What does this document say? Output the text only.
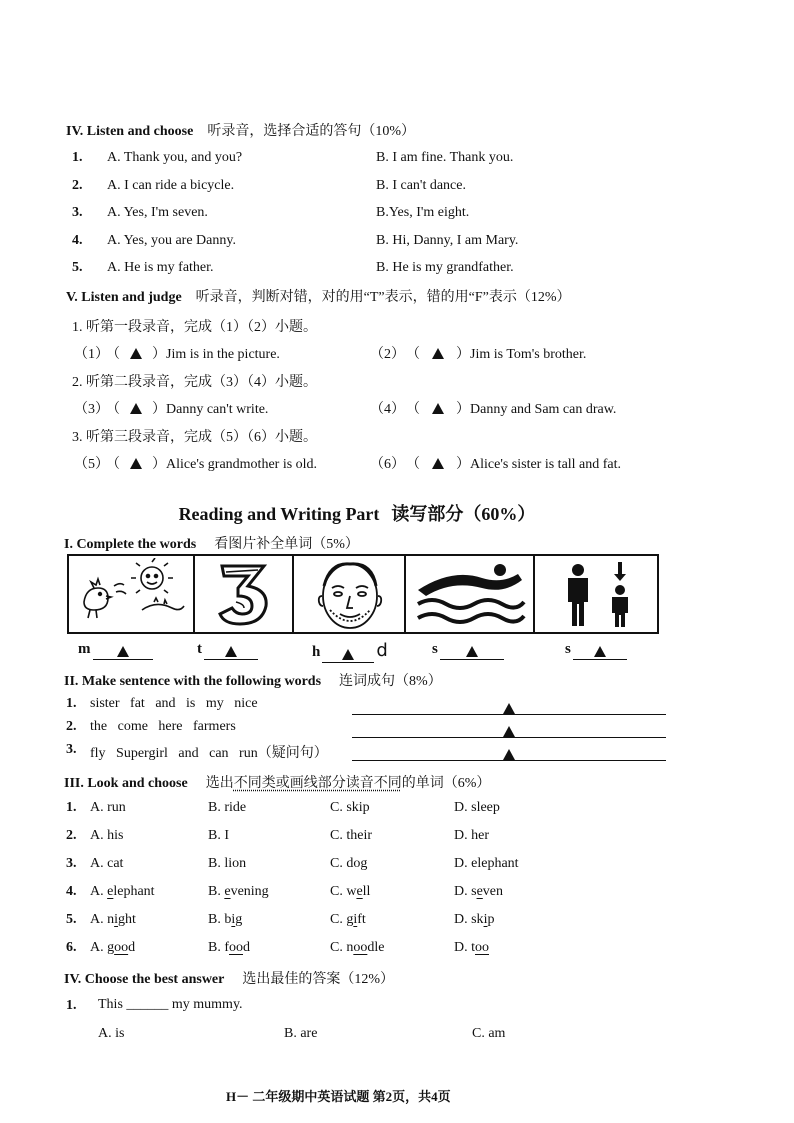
IV. Listen and choose 听录音，选择合适的答句（10%）
1. A. Thank you, and you?	B. I am fine. Thank you.
2. A. I can ride a bicycle.	B. I can't dance.
3. A. Yes, I'm seven.	B.Yes, I'm eight.
4. A. Yes, you are Danny.	B. Hi, Danny, I am Mary.
5. A. He is my father.	B. He is my grandfather.
V. Listen and judge 听录音，判断对错，对的用“T”表示，错的用“F”表示（12%）
1. 听第一段录音，完成（1）（2）小题。
（1） （ ）Jim is in the picture.	（2） （	）Jim is Tom's brother.
2. 听第二段录音，完成（3）（4）小题。
（3） （ ）Danny can't write.	（4） （	）Danny and Sam can draw.
3. 听第三段录音，完成（5）（6）小题。
（5） （ ）Alice's grandmother is old.	（6） （	）Alice's sister is tall and fat.
Reading and Writing Part 读写部分（60%）
I. Complete the words 看图片补全单词（5%）
m	t	h	d	s	s
II. Make sentence with the following words 连词成句（8%）
1. sister   fat   and   is   my   nice
2. the   come   here   farmers
3. fly   Supergirl   and   can   run（疑问句）
III. Look and choose 选出不同类或画线部分读音不同的单词（6%）
1. A. run	B. ride	C. skip	D. sleep
2. A. his	B. I	C. their	D. her
3. A. cat	B. lion	C. dog	D. elephant
4. A. elephant	B. evening	C. well	D. seven
5. A. night	B. big	C. gift	D. skip
6. A. good	B. food	C. noodle	D. too
IV. Choose the best answer 选出最佳的答案（12%）
1. This ______ my mummy.
A. is	B. are	C. am
H－ 二年级期中英语试题 第2页，共4页
